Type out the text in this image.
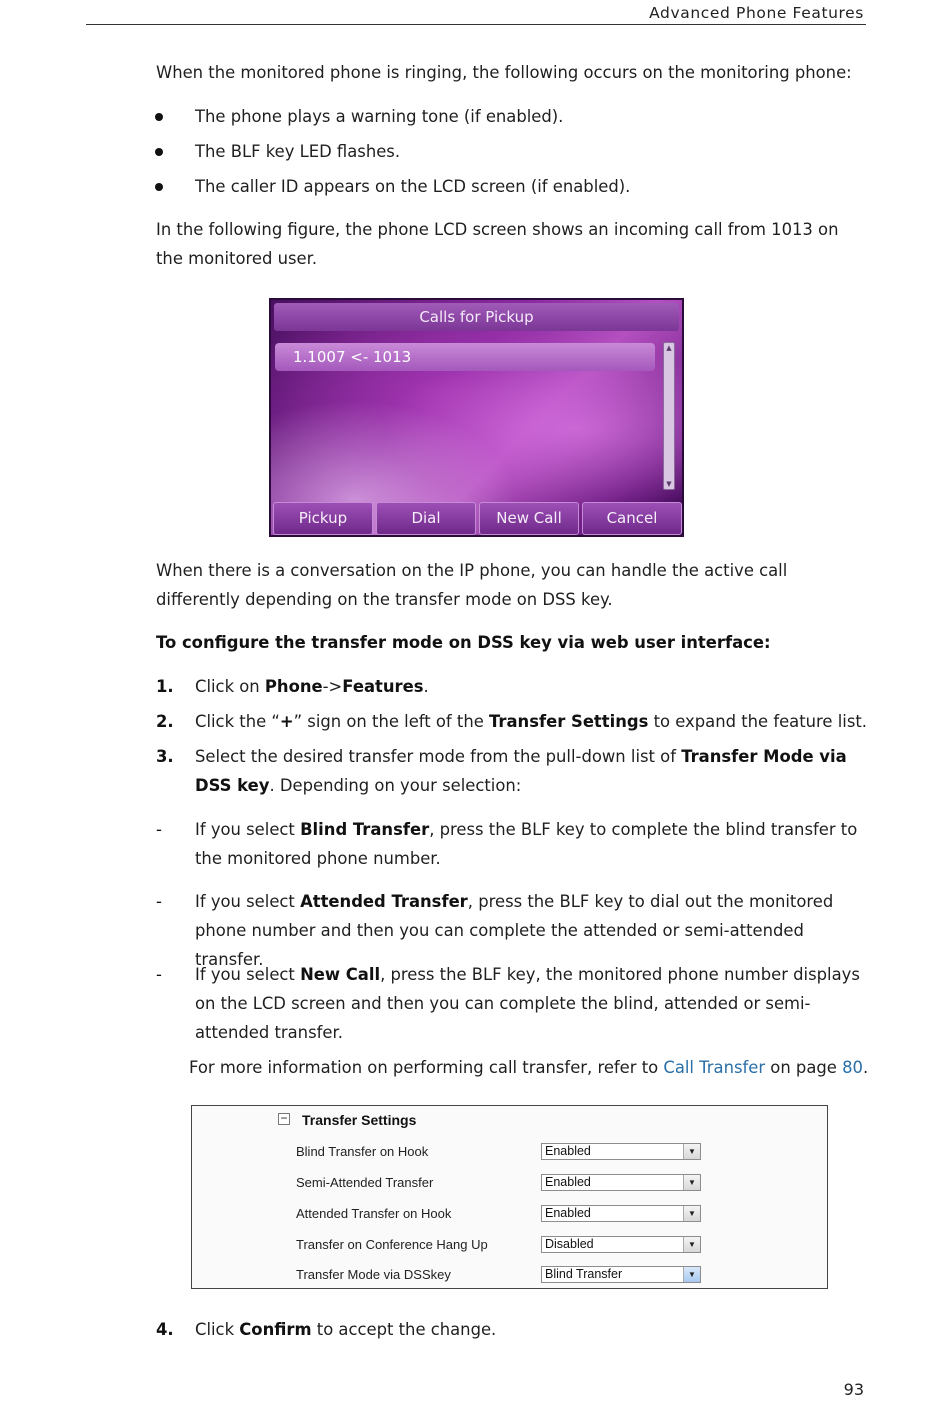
Advanced Phone Features
When the monitored phone is ringing, the following occurs on the monitoring phone:
The phone plays a warning tone (if enabled).
The BLF key LED flashes.
The caller ID appears on the LCD screen (if enabled).
In the following figure, the phone LCD screen shows an incoming call from 1013 on the monitored user.
Calls for Pickup
1.1007 <- 1013	▲
▼
Pickup	Dial	New Call	Cancel
When there is a conversation on the IP phone, you can handle the active call differently depending on the transfer mode on DSS key.
To configure the transfer mode on DSS key via web user interface:
1. Click on Phone->Features.
2. Click the “+” sign on the left of the Transfer Settings to expand the feature list.
3. Select the desired transfer mode from the pull-down list of Transfer Mode via DSS key. Depending on your selection:
- If you select Blind Transfer, press the BLF key to complete the blind transfer to the monitored phone number.
- If you select Attended Transfer, press the BLF key to dial out the monitored phone number and then you can complete the attended or semi-attended transfer.
- If you select New Call, press the BLF key, the monitored phone number displays on the LCD screen and then you can complete the blind, attended or semi-attended transfer.
For more information on performing call transfer, refer to Call Transfer on page 80.
− Transfer Settings
Blind Transfer on Hook	Enabled	▼
Semi-Attended Transfer	Enabled	▼
Attended Transfer on Hook	Enabled	▼
Transfer on Conference Hang Up	Disabled	▼
Transfer Mode via DSSkey	Blind Transfer	▼
4. Click Confirm to accept the change.
93
